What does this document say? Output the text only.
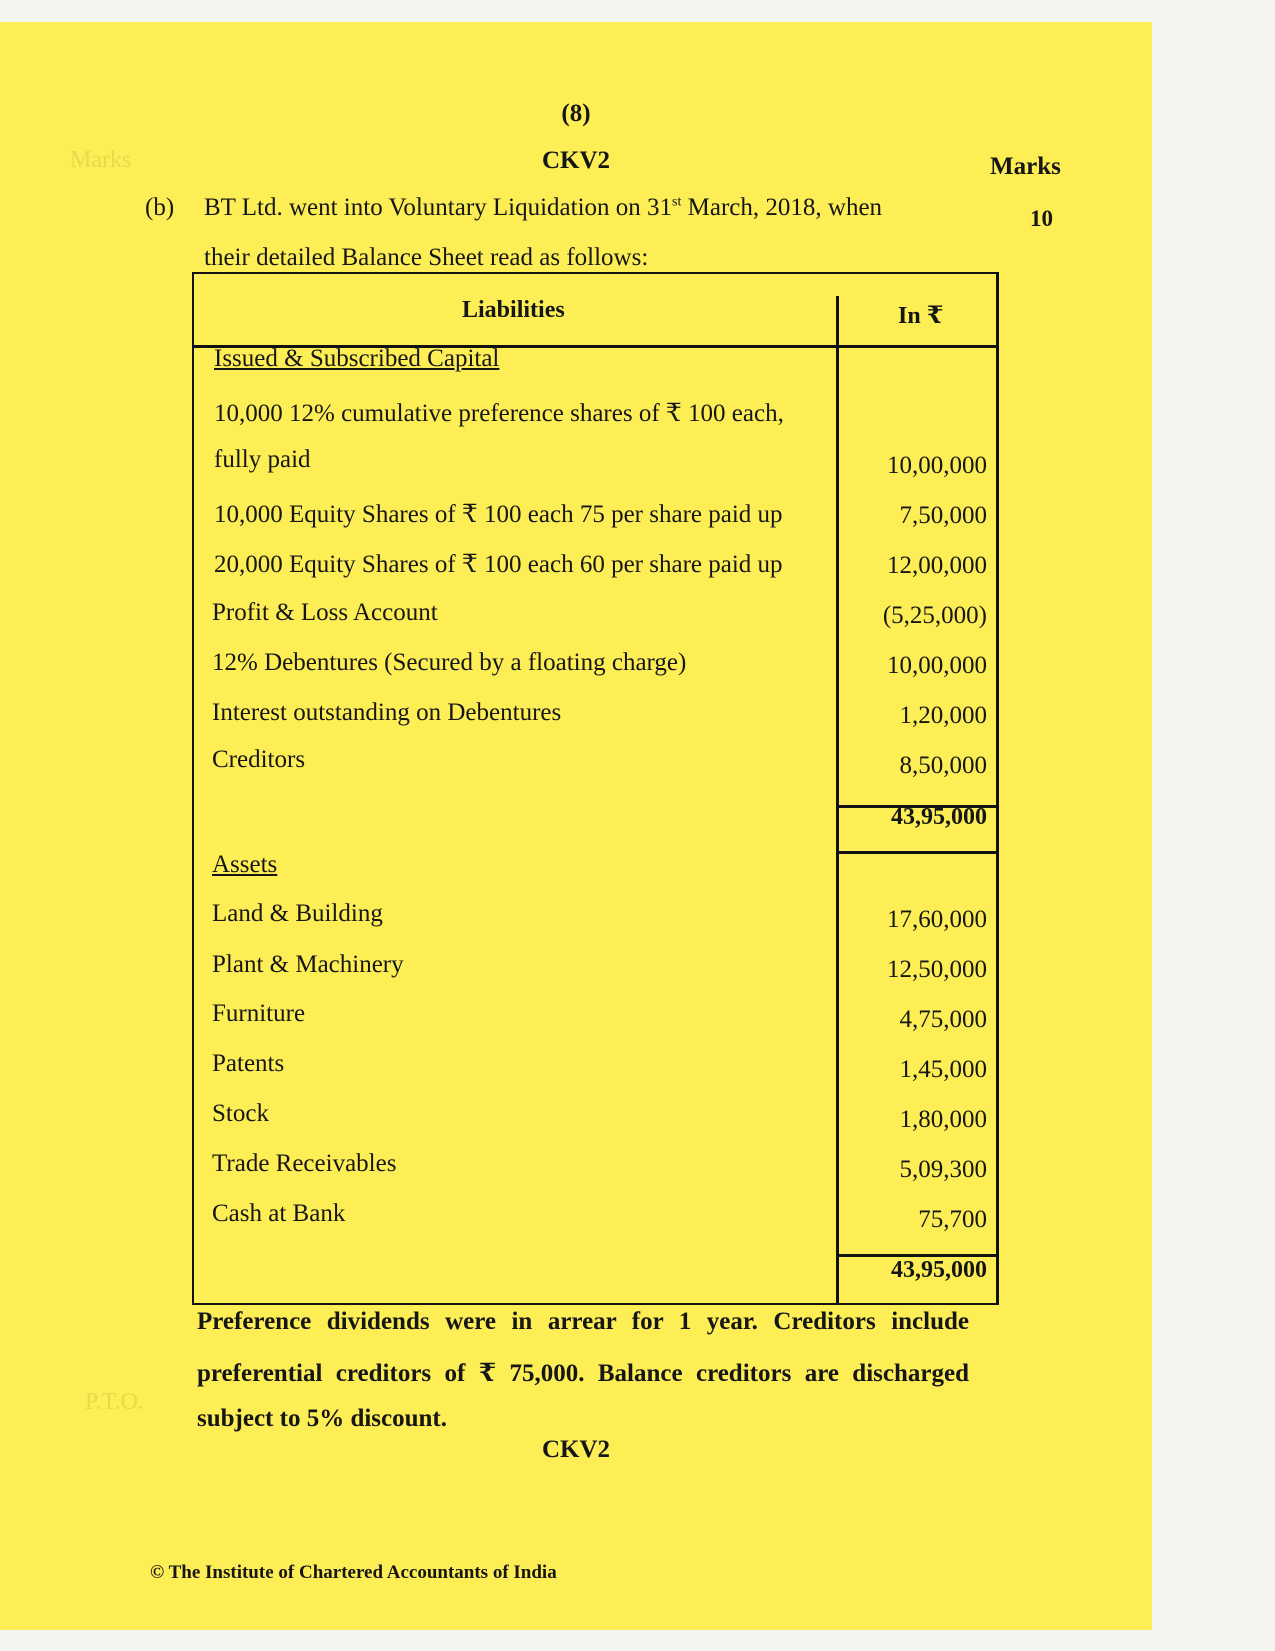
Marks
P.T.O.
(8)
CKV2	Marks
(b) BT Ltd. went into Voluntary Liquidation on 31st March, 2018, when	10
their detailed Balance Sheet read as follows:
Liabilities	In ₹
Issued & Subscribed Capital
10,000 12% cumulative preference shares of ₹ 100 each,
fully paid	10,00,000
10,000 Equity Shares of ₹ 100 each 75 per share paid up	7,50,000
20,000 Equity Shares of ₹ 100 each 60 per share paid up	12,00,000
Profit & Loss Account	(5,25,000)
12% Debentures (Secured by a floating charge)	10,00,000
Interest outstanding on Debentures	1,20,000
Creditors	8,50,000
43,95,000
Assets
Land & Building	17,60,000
Plant & Machinery	12,50,000
Furniture	4,75,000
Patents	1,45,000
Stock	1,80,000
Trade Receivables	5,09,300
Cash at Bank	75,700
43,95,000
Preference dividends were in arrear for 1 year. Creditors include
preferential creditors of ₹ 75,000. Balance creditors are discharged
subject to 5% discount.
CKV2
© The Institute of Chartered Accountants of India
